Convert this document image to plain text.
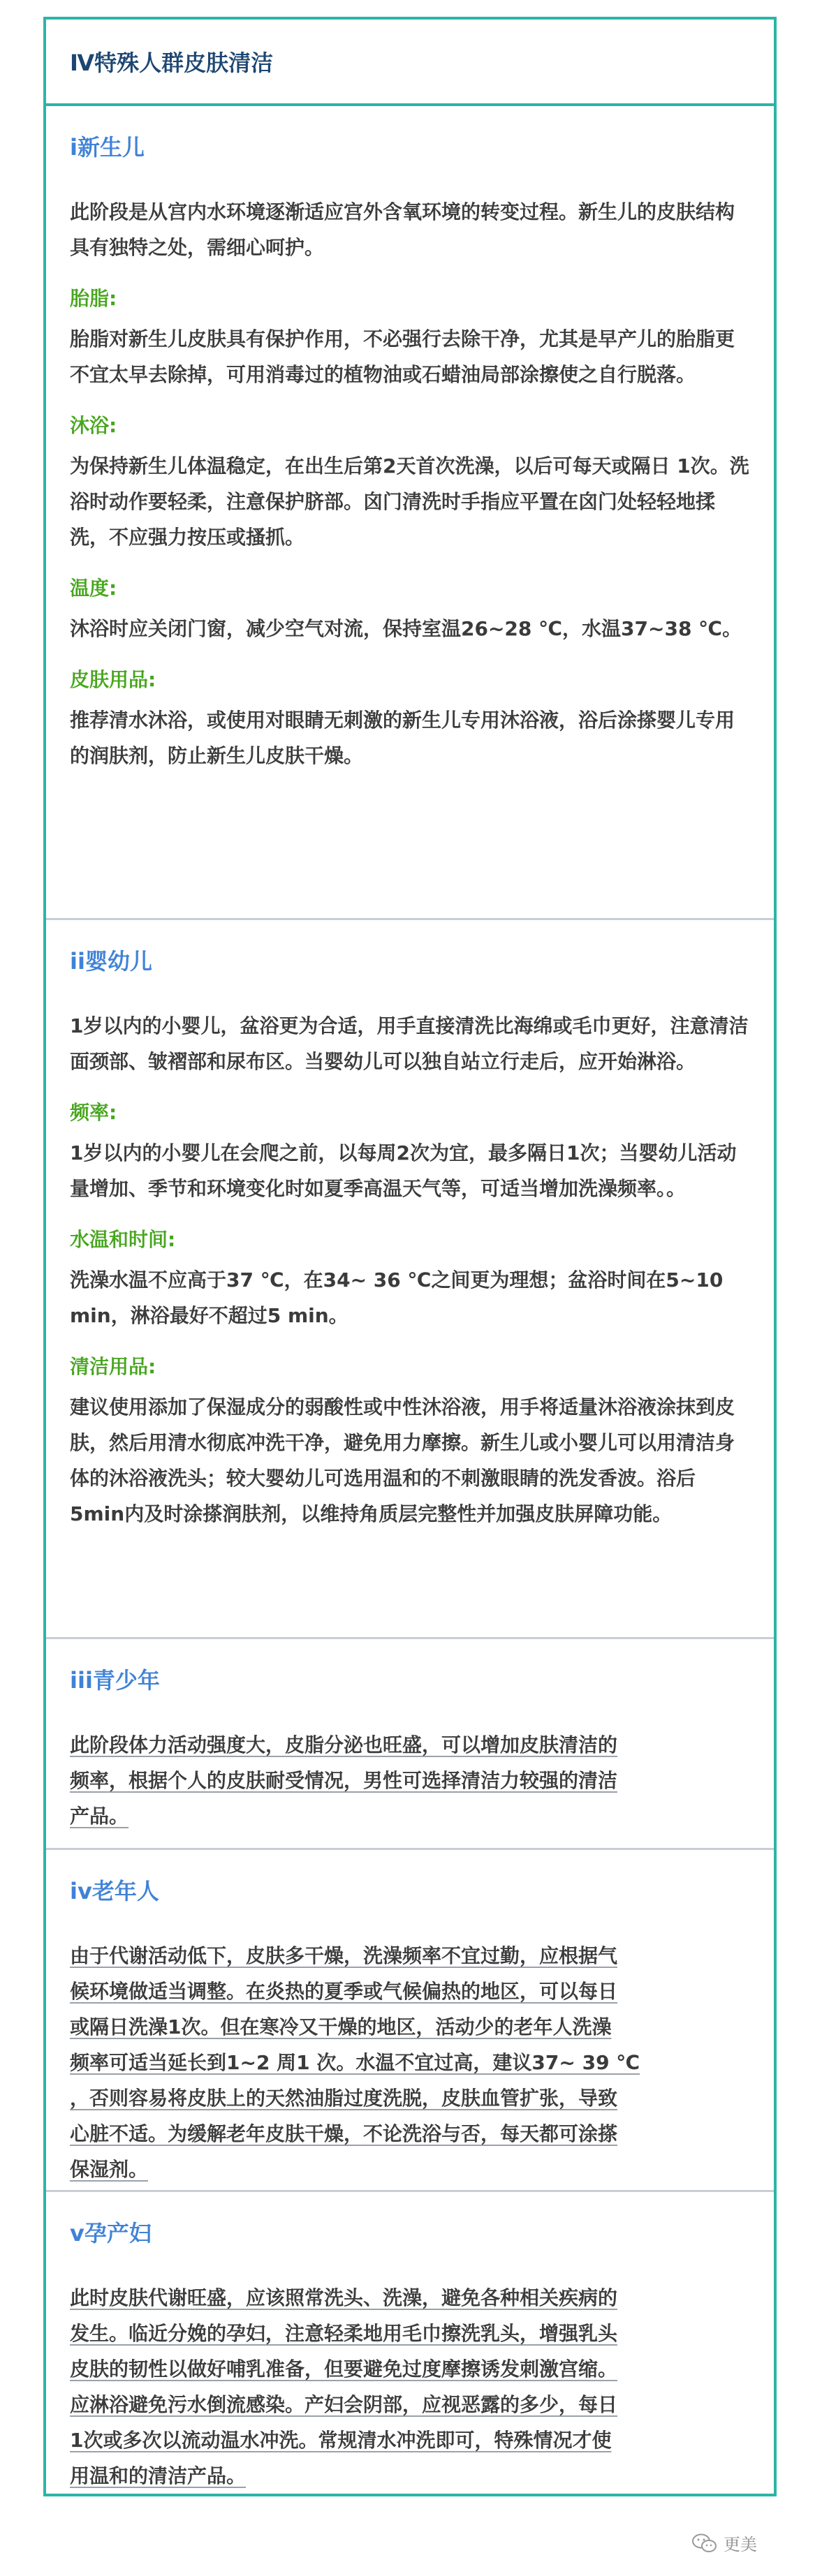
Ⅳ特殊人群皮肤清洁
i新生儿

此阶段是从宫内水环境逐渐适应宫外含氧环境的转变过程。新生儿的皮肤结构具有独特之处，需细心呵护。

胎脂:

胎脂对新生儿皮肤具有保护作用，不必强行去除干净，尤其是早产儿的胎脂更不宜太早去除掉，可用消毒过的植物油或石蜡油局部涂擦使之自行脱落。

沐浴:

为保持新生儿体温稳定，在出生后第2天首次洗澡，以后可每天或隔日 1次。洗浴时动作要轻柔，注意保护脐部。囟门清洗时手指应平置在囟门处轻轻地揉洗，不应强力按压或搔抓。

温度:

沐浴时应关闭门窗，减少空气对流，保持室温26~28 ℃，水温37~38 ℃。

皮肤用品:

推荐清水沐浴，或使用对眼睛无刺激的新生儿专用沐浴液，浴后涂搽婴儿专用的润肤剂，防止新生儿皮肤干燥。

ii婴幼儿

1岁以内的小婴儿，盆浴更为合适，用手直接清洗比海绵或毛巾更好，注意清洁面颈部、皱褶部和尿布区。当婴幼儿可以独自站立行走后，应开始淋浴。

频率:

1岁以内的小婴儿在会爬之前，以每周2次为宜，最多隔日1次；当婴幼儿活动量增加、季节和环境变化时如夏季高温天气等，可适当增加洗澡频率。。

水温和时间:

洗澡水温不应高于37 ℃，在34~ 36 ℃之间更为理想；盆浴时间在5~10 min，淋浴最好不超过5 min。

清洁用品:

建议使用添加了保湿成分的弱酸性或中性沐浴液，用手将适量沐浴液涂抹到皮肤，然后用清水彻底冲洗干净，避免用力摩擦。新生儿或小婴儿可以用清洁身体的沐浴液洗头；较大婴幼儿可选用温和的不刺激眼睛的洗发香波。浴后5min内及时涂搽润肤剂，以维持角质层完整性并加强皮肤屏障功能。

iii青少年

此阶段体力活动强度大，皮脂分泌也旺盛，可以增加皮肤清洁的
频率，根据个人的皮肤耐受情况，男性可选择清洁力较强的清洁
产品。

iv老年人

由于代谢活动低下，皮肤多干燥，洗澡频率不宜过勤，应根据气
候环境做适当调整。在炎热的夏季或气候偏热的地区，可以每日
或隔日洗澡1次。但在寒冷又干燥的地区，活动少的老年人洗澡
频率可适当延长到1~2 周1 次。水温不宜过高，建议37~ 39 ℃
，否则容易将皮肤上的天然油脂过度洗脱，皮肤血管扩张，导致
心脏不适。为缓解老年皮肤干燥，不论洗浴与否，每天都可涂搽
保湿剂。

v孕产妇

此时皮肤代谢旺盛，应该照常洗头、洗澡，避免各种相关疾病的
发生。临近分娩的孕妇，注意轻柔地用毛巾擦洗乳头，增强乳头
皮肤的韧性以做好哺乳准备，但要避免过度摩擦诱发刺激宫缩。
应淋浴避免污水倒流感染。产妇会阴部，应视恶露的多少，每日
1次或多次以流动温水冲洗。常规清水冲洗即可，特殊情况才使
用温和的清洁产品。

更美
